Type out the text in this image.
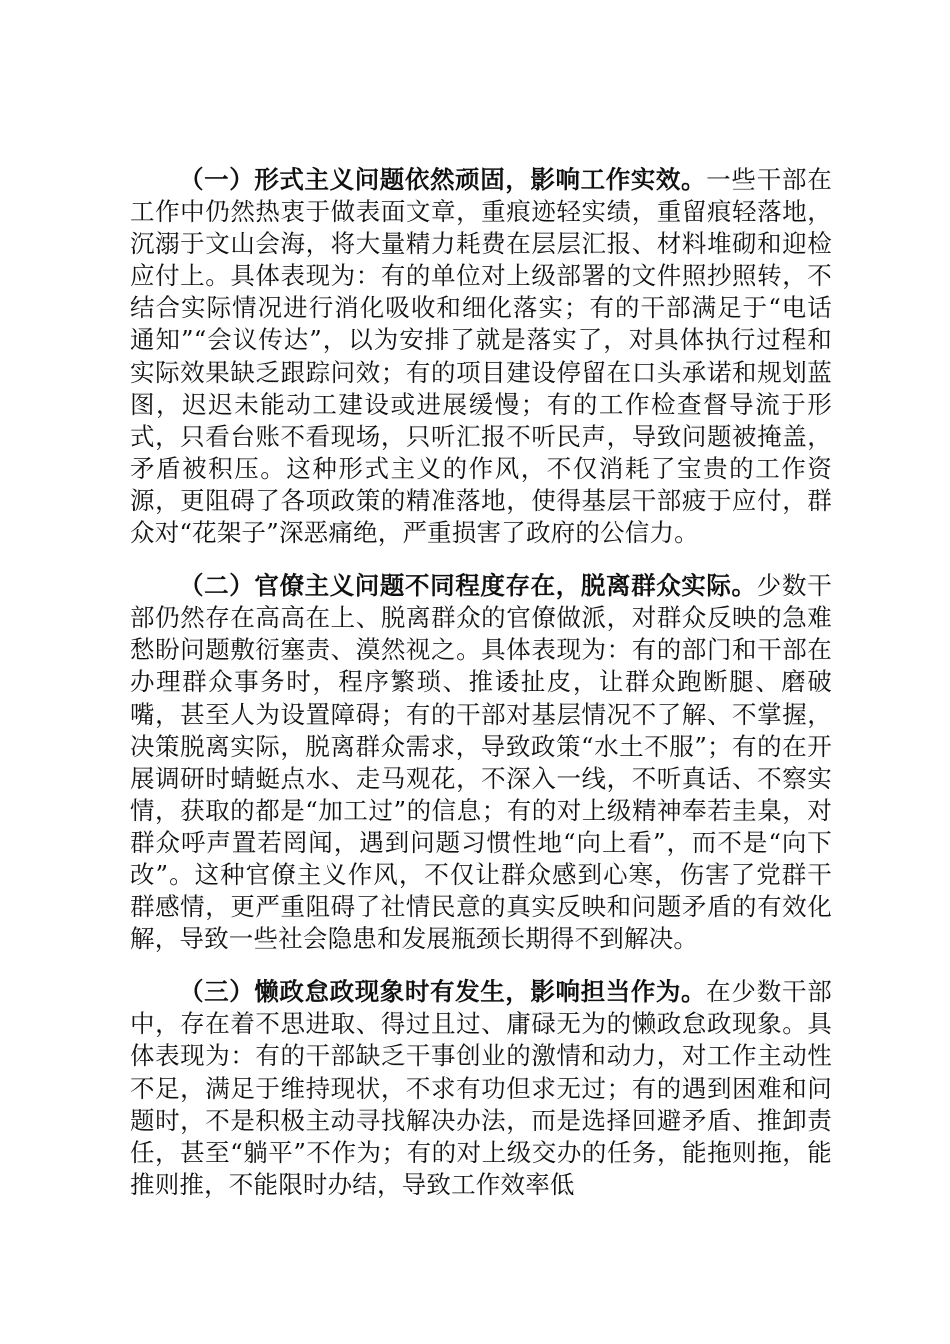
（一）形式主义问题依然顽固，影响工作实效。一些干部在工作中仍然热衷于做表面文章，重痕迹轻实绩，重留痕轻落地，沉溺于文山会海，将大量精力耗费在层层汇报、材料堆砌和迎检应付上。具体表现为：有的单位对上级部署的文件照抄照转，不结合实际情况进行消化吸收和细化落实；有的干部满足于“电话通知”“会议传达”，以为安排了就是落实了，对具体执行过程和实际效果缺乏跟踪问效；有的项目建设停留在口头承诺和规划蓝图，迟迟未能动工建设或进展缓慢；有的工作检查督导流于形式，只看台账不看现场，只听汇报不听民声，导致问题被掩盖，矛盾被积压。这种形式主义的作风，不仅消耗了宝贵的工作资源，更阻碍了各项政策的精准落地，使得基层干部疲于应付，群众对“花架子”深恶痛绝，严重损害了政府的公信力。

（二）官僚主义问题不同程度存在，脱离群众实际。少数干部仍然存在高高在上、脱离群众的官僚做派，对群众反映的急难愁盼问题敷衍塞责、漠然视之。具体表现为：有的部门和干部在办理群众事务时，程序繁琐、推诿扯皮，让群众跑断腿、磨破嘴，甚至人为设置障碍；有的干部对基层情况不了解、不掌握，决策脱离实际，脱离群众需求，导致政策“水土不服”；有的在开展调研时蜻蜓点水、走马观花，不深入一线，不听真话、不察实情，获取的都是“加工过”的信息；有的对上级精神奉若圭臬，对群众呼声置若罔闻，遇到问题习惯性地“向上看”，而不是“向下改”。这种官僚主义作风，不仅让群众感到心寒，伤害了党群干群感情，更严重阻碍了社情民意的真实反映和问题矛盾的有效化解，导致一些社会隐患和发展瓶颈长期得不到解决。

（三）懒政怠政现象时有发生，影响担当作为。在少数干部中，存在着不思进取、得过且过、庸碌无为的懒政怠政现象。具体表现为：有的干部缺乏干事创业的激情和动力，对工作主动性不足，满足于维持现状，不求有功但求无过；有的遇到困难和问题时，不是积极主动寻找解决办法，而是选择回避矛盾、推卸责任，甚至“躺平”不作为；有的对上级交办的任务，能拖则拖，能推则推，不能限时办结，导致工作效率低
